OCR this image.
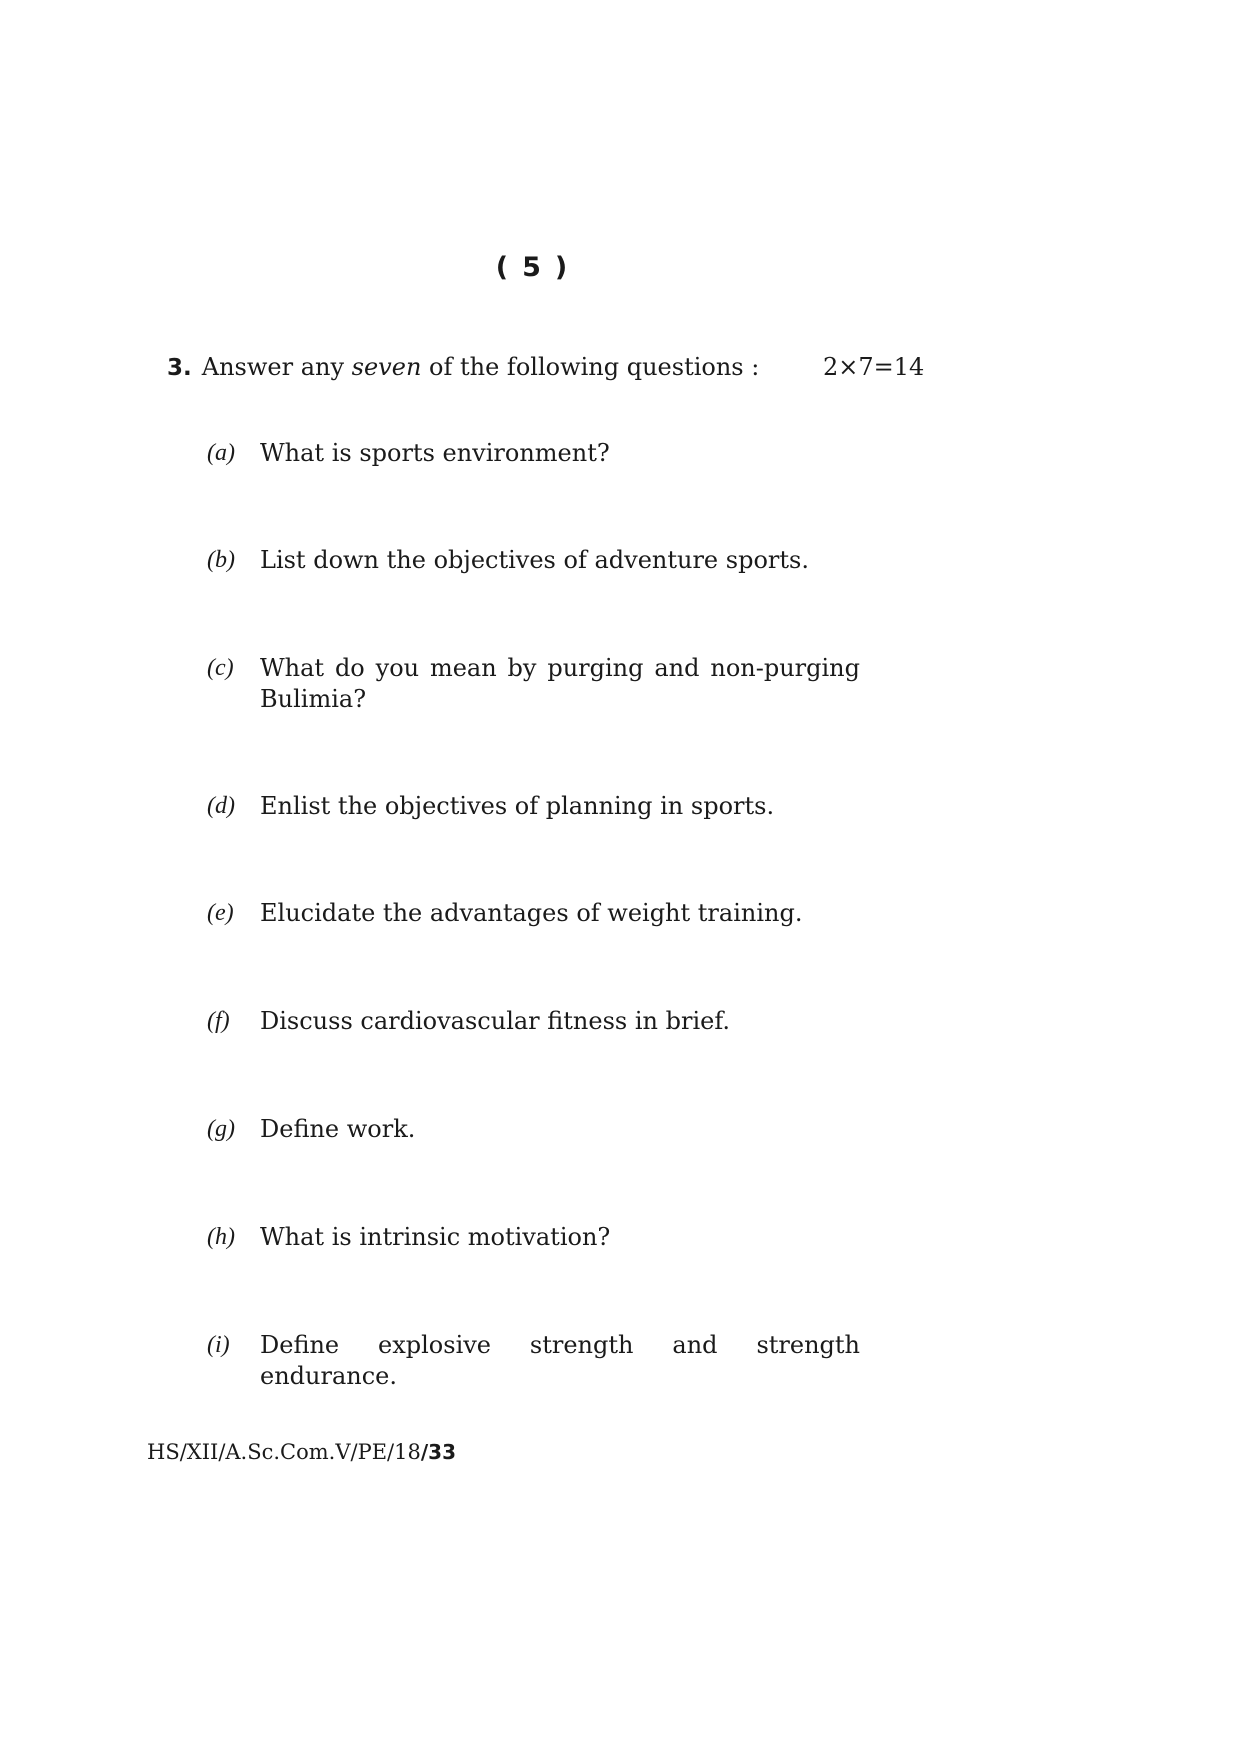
( 5 )
3. Answer any seven of the following questions :	2×7=14
(a) What is sports environment?
(b) List down the objectives of adventure sports.
(c) What do you mean by purging and non-purging Bulimia?
(d) Enlist the objectives of planning in sports.
(e) Elucidate the advantages of weight training.
(f) Discuss cardiovascular fitness in brief.
(g) Define work.
(h) What is intrinsic motivation?
(i) Define explosive strength and strength endurance.
HS/XII/A.Sc.Com.V/PE/18/33
